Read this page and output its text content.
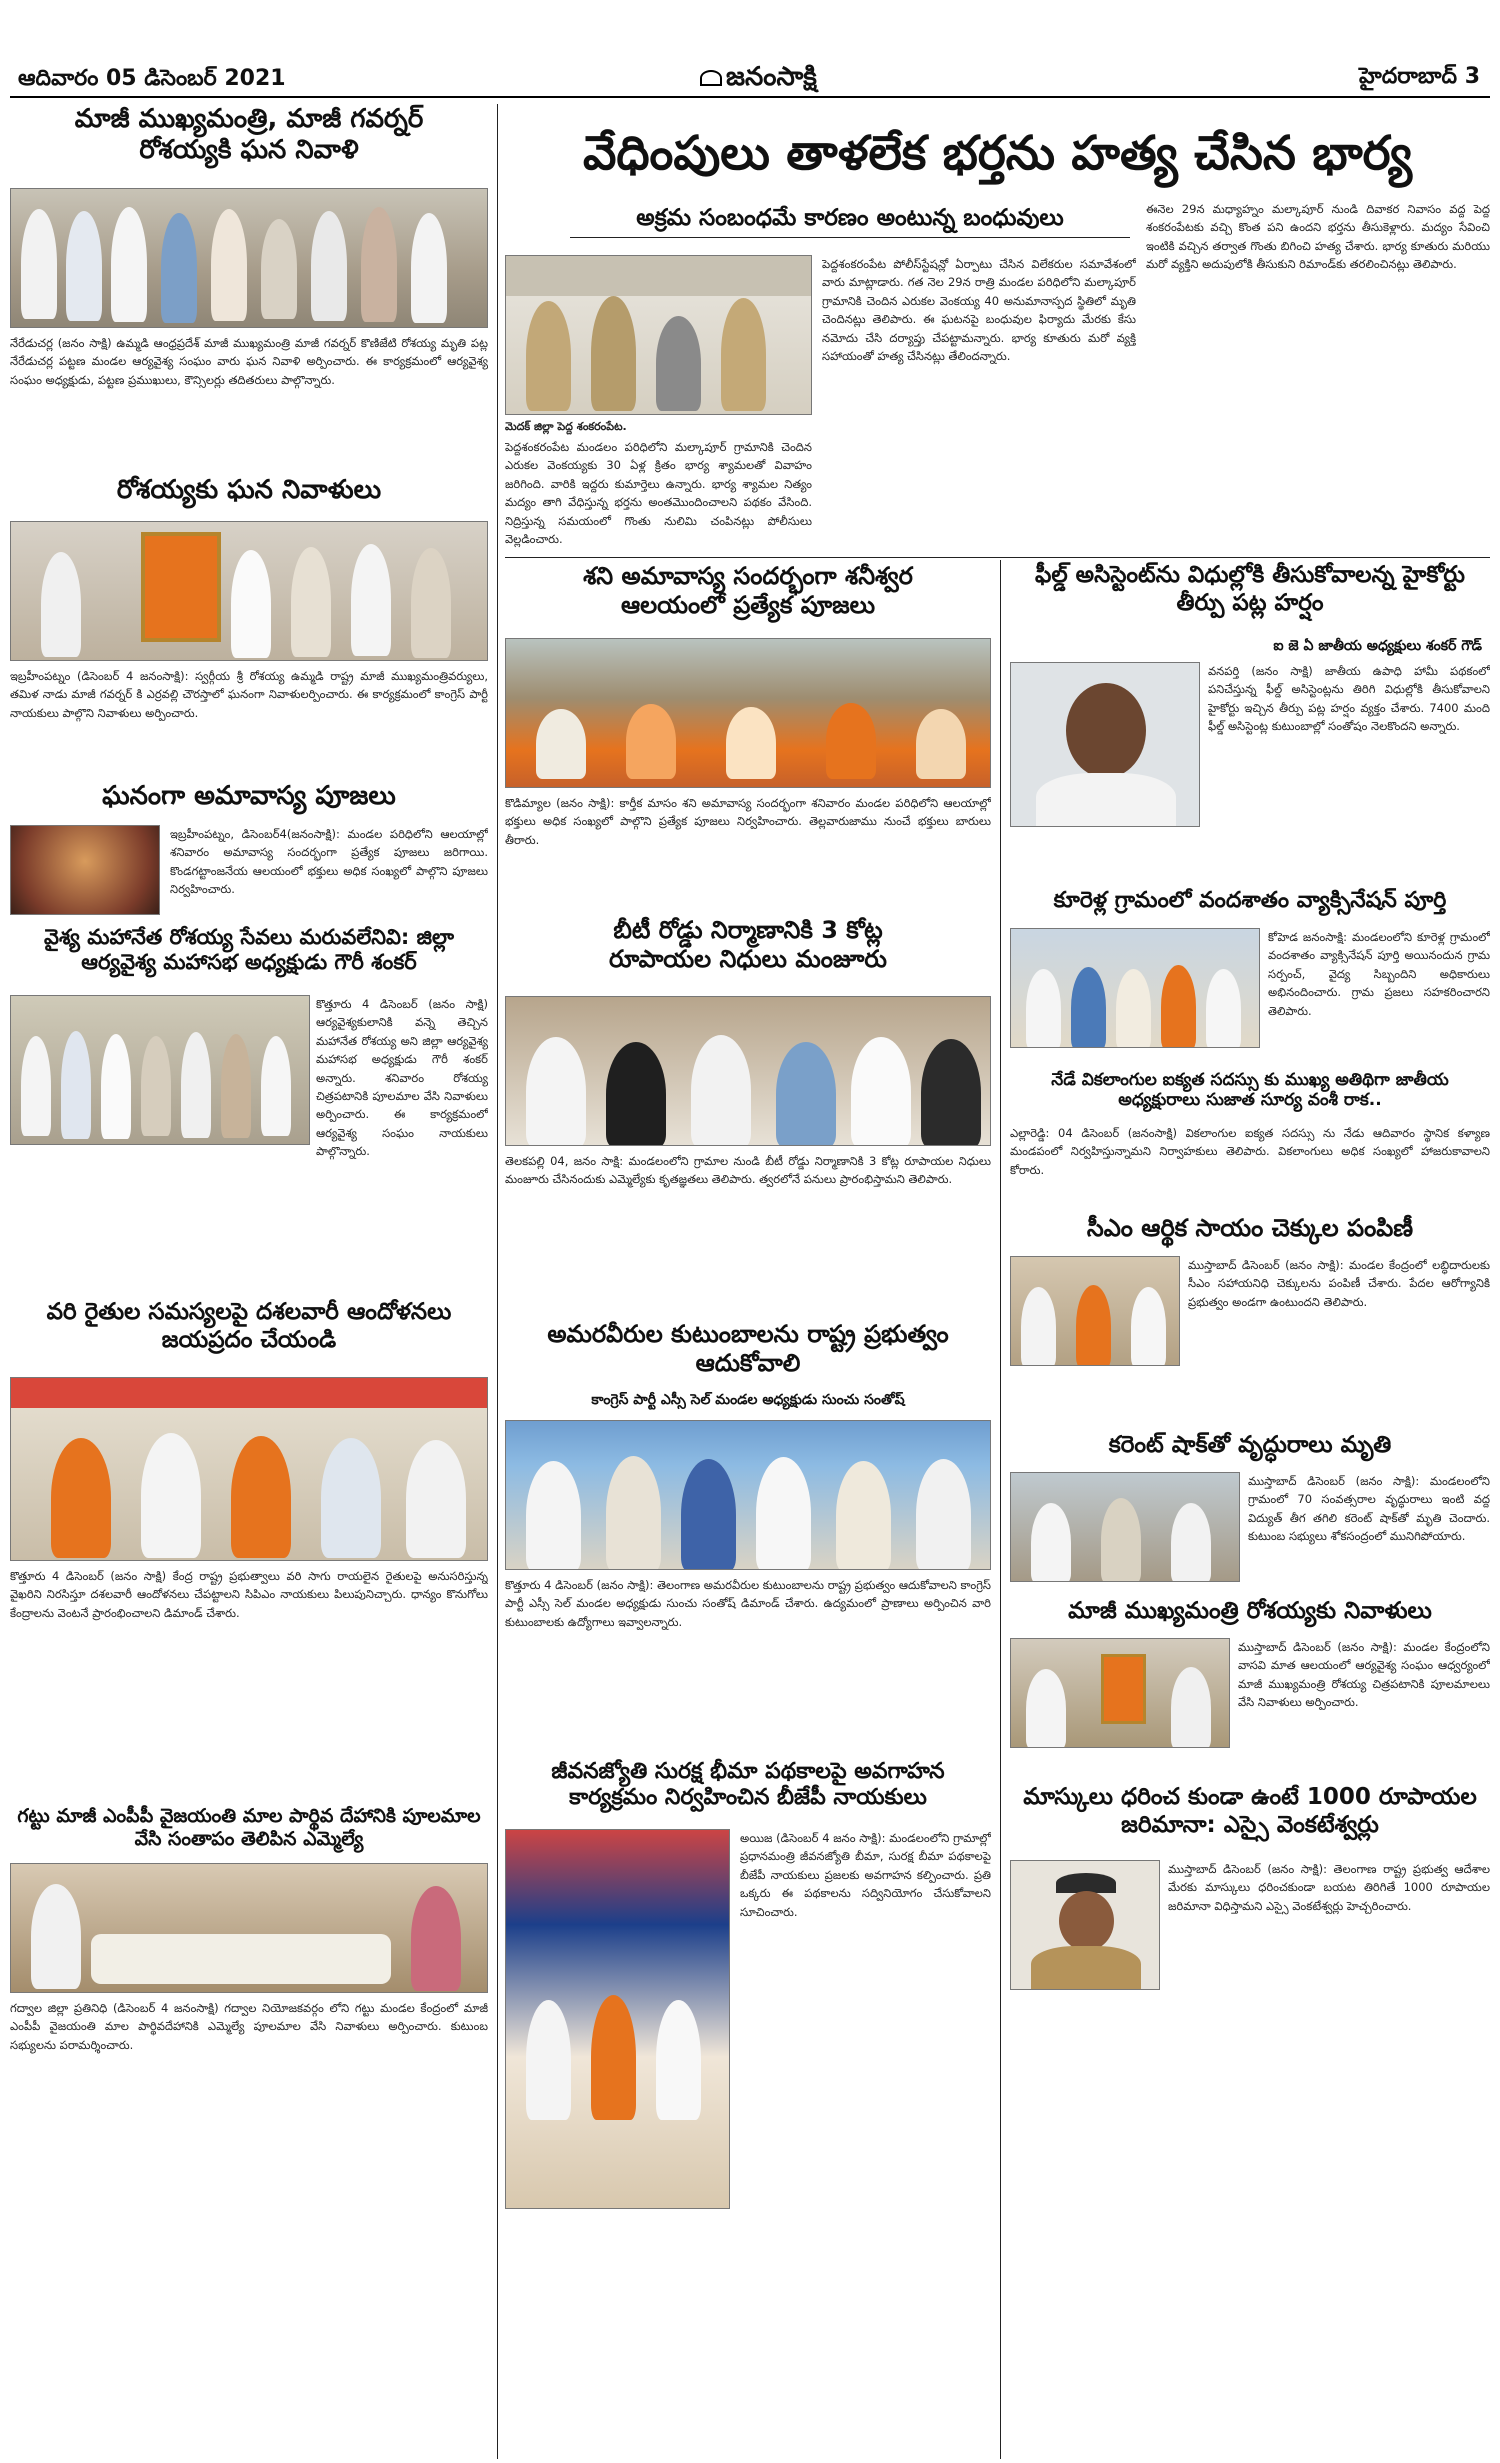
ఆదివారం 05 డిసెంబర్ 2021	జనంసాక్షి	హైదరాబాద్ 3
మాజీ ముఖ్యమంత్రి, మాజీ గవర్నర్ రోశయ్యకి ఘన నివాళి
నేరేడుచర్ల (జనం సాక్షి) ఉమ్మడి ఆంధ్రప్రదేశ్ మాజీ ముఖ్యమంత్రి మాజీ గవర్నర్ కొణిజేటి రోశయ్య మృతి పట్ల నేరేడుచర్ల పట్టణ మండల ఆర్యవైశ్య సంఘం వారు ఘన నివాళి అర్పించారు. ఈ కార్యక్రమంలో ఆర్యవైశ్య సంఘం అధ్యక్షుడు, పట్టణ ప్రముఖులు, కౌన్సిలర్లు తదితరులు పాల్గొన్నారు.
రోశయ్యకు ఘన నివాళులు
ఇబ్రహీంపట్నం (డిసెంబర్ 4 జనంసాక్షి): స్వర్గీయ శ్రీ రోశయ్య ఉమ్మడి రాష్ట్ర మాజీ ముఖ్యమంత్రివర్యులు, తమిళ నాడు మాజీ గవర్నర్ కి ఎర్రవల్లి చౌరస్తాలో ఘనంగా నివాళులర్పించారు. ఈ కార్యక్రమంలో కాంగ్రెస్ పార్టీ నాయకులు పాల్గొని నివాళులు అర్పించారు.
ఘనంగా అమావాస్య పూజలు
ఇబ్రహీంపట్నం, డిసెంబర్4(జనంసాక్షి): మండల పరిధిలోని ఆలయాల్లో శనివారం అమావాస్య సందర్భంగా ప్రత్యేక పూజలు జరిగాయి. కొండగట్టాంజనేయ ఆలయంలో భక్తులు అధిక సంఖ్యలో పాల్గొని పూజలు నిర్వహించారు.
వైశ్య మహానేత రోశయ్య సేవలు మరువలేనివి: జిల్లా ఆర్యవైశ్య మహాసభ అధ్యక్షుడు గౌరీ శంకర్
కొత్తూరు 4 డిసెంబర్ (జనం సాక్షి) ఆర్యవైశ్యకులానికి వన్నె తెచ్చిన మహానేత రోశయ్య అని జిల్లా ఆర్యవైశ్య మహాసభ అధ్యక్షుడు గౌరీ శంకర్ అన్నారు. శనివారం రోశయ్య చిత్రపటానికి పూలమాల వేసి నివాళులు అర్పించారు. ఈ కార్యక్రమంలో ఆర్యవైశ్య సంఘం నాయకులు పాల్గొన్నారు.
వరి రైతుల సమస్యలపై దశలవారీ ఆందోళనలు జయప్రదం చేయండి
కొత్తూరు 4 డిసెంబర్ (జనం సాక్షి) కేంద్ర రాష్ట్ర ప్రభుత్వాలు వరి సాగు రాయలైన రైతులపై అనుసరిస్తున్న వైఖరిని నిరసిస్తూ దశలవారీ ఆందోళనలు చేపట్టాలని సిపిఎం నాయకులు పిలుపునిచ్చారు. ధాన్యం కొనుగోలు కేంద్రాలను వెంటనే ప్రారంభించాలని డిమాండ్ చేశారు.
గట్టు మాజీ ఎంపీపీ వైజయంతి మాల పార్థివ దేహానికి పూలమాల వేసి సంతాపం తెలిపిన ఎమ్మెల్యే
గద్వాల జిల్లా ప్రతినిధి (డిసెంబర్ 4 జనంసాక్షి) గద్వాల నియోజకవర్గం లోని గట్టు మండల కేంద్రంలో మాజీ ఎంపీపీ వైజయంతి మాల పార్థివదేహానికి ఎమ్మెల్యే పూలమాల వేసి నివాళులు అర్పించారు. కుటుంబ సభ్యులను పరామర్శించారు.
వేధింపులు తాళలేక భర్తను హత్య చేసిన భార్య
అక్రమ సంబంధమే కారణం అంటున్న బంధువులు
మెదక్ జిల్లా పెద్ద శంకరంపేట.
పెద్దశంకరంపేట మండలం పరిధిలోని మల్కాపూర్ గ్రామానికి చెందిన ఎరుకల వెంకయ్యకు 30 ఏళ్ల క్రితం భార్య శ్యామలతో వివాహం జరిగింది. వారికి ఇద్దరు కుమార్తెలు ఉన్నారు. భార్య శ్యామల నిత్యం మద్యం తాగి వేధిస్తున్న భర్తను అంతమొందించాలని పథకం వేసింది. నిద్రిస్తున్న సమయంలో గొంతు నులిమి చంపినట్లు పోలీసులు వెల్లడించారు.
పెద్దశంకరంపేట పోలీస్‌స్టేషన్లో ఏర్పాటు చేసిన విలేకరుల సమావేశంలో వారు మాట్లాడారు. గత నెల 29న రాత్రి మండల పరిధిలోని మల్కాపూర్ గ్రామానికి చెందిన ఎరుకల వెంకయ్య 40 అనుమానాస్పద స్థితిలో మృతి చెందినట్లు తెలిపారు. ఈ ఘటనపై బంధువుల ఫిర్యాదు మేరకు కేసు నమోదు చేసి దర్యాప్తు చేపట్టామన్నారు. భార్య కూతురు మరో వ్యక్తి సహాయంతో హత్య చేసినట్లు తేలిందన్నారు.
ఈనెల 29న మధ్యాహ్నం మల్కాపూర్ నుండి దివాకర నివాసం వద్ద పెద్ద శంకరంపేటకు వచ్చి కొంత పని ఉందని భర్తను తీసుకెళ్లారు. మద్యం సేవించి ఇంటికి వచ్చిన తర్వాత గొంతు బిగించి హత్య చేశారు. భార్య కూతురు మరియు మరో వ్యక్తిని అదుపులోకి తీసుకుని రిమాండ్‌కు తరలించినట్లు తెలిపారు.
శని అమావాస్య సందర్భంగా శనీశ్వర ఆలయంలో ప్రత్యేక పూజలు
కొడిమ్యాల (జనం సాక్షి): కార్తీక మాసం శని అమావాస్య సందర్భంగా శనివారం మండల పరిధిలోని ఆలయాల్లో భక్తులు అధిక సంఖ్యలో పాల్గొని ప్రత్యేక పూజలు నిర్వహించారు. తెల్లవారుజాము నుంచే భక్తులు బారులు తీరారు.
బీటీ రోడ్డు నిర్మాణానికి 3 కోట్ల రూపాయల నిధులు మంజూరు
తెలకపల్లి 04, జనం సాక్షి: మండలంలోని గ్రామాల నుండి బీటీ రోడ్డు నిర్మాణానికి 3 కోట్ల రూపాయల నిధులు మంజూరు చేసినందుకు ఎమ్మెల్యేకు కృతజ్ఞతలు తెలిపారు. త్వరలోనే పనులు ప్రారంభిస్తామని తెలిపారు.
అమరవీరుల కుటుంబాలను రాష్ట్ర ప్రభుత్వం ఆదుకోవాలి
కాంగ్రెస్ పార్టీ ఎస్సీ సెల్ మండల అధ్యక్షుడు సుంచు సంతోష్
కొత్తూరు 4 డిసెంబర్ (జనం సాక్షి): తెలంగాణ అమరవీరుల కుటుంబాలను రాష్ట్ర ప్రభుత్వం ఆదుకోవాలని కాంగ్రెస్ పార్టీ ఎస్సీ సెల్ మండల అధ్యక్షుడు సుంచు సంతోష్ డిమాండ్ చేశారు. ఉద్యమంలో ప్రాణాలు అర్పించిన వారి కుటుంబాలకు ఉద్యోగాలు ఇవ్వాలన్నారు.
జీవనజ్యోతి సురక్ష భీమా పథకాలపై అవగాహన కార్యక్రమం నిర్వహించిన బీజేపీ నాయకులు
అయిజ (డిసెంబర్ 4 జనం సాక్షి): మండలంలోని గ్రామాల్లో ప్రధానమంత్రి జీవనజ్యోతి బీమా, సురక్ష బీమా పథకాలపై బీజేపీ నాయకులు ప్రజలకు అవగాహన కల్పించారు. ప్రతి ఒక్కరు ఈ పథకాలను సద్వినియోగం చేసుకోవాలని సూచించారు.
ఫీల్డ్ అసిస్టెంట్‌ను విధుల్లోకి తీసుకోవాలన్న హైకోర్టు తీర్పు పట్ల హర్షం
ఐ జె ఏ జాతీయ అధ్యక్షులు శంకర్ గౌడ్
వనపర్తి (జనం సాక్షి) జాతీయ ఉపాధి హామీ పథకంలో పనిచేస్తున్న ఫీల్డ్ అసిస్టెంట్లను తిరిగి విధుల్లోకి తీసుకోవాలని హైకోర్టు ఇచ్చిన తీర్పు పట్ల హర్షం వ్యక్తం చేశారు. 7400 మంది ఫీల్డ్ అసిస్టెంట్ల కుటుంబాల్లో సంతోషం నెలకొందని అన్నారు.
కూరెళ్ల గ్రామంలో వందశాతం వ్యాక్సినేషన్ పూర్తి
కోహెడ జనంసాక్షి: మండలంలోని కూరెళ్ల గ్రామంలో వందశాతం వ్యాక్సినేషన్ పూర్తి అయినందున గ్రామ సర్పంచ్, వైద్య సిబ్బందిని అధికారులు అభినందించారు. గ్రామ ప్రజలు సహకరించారని తెలిపారు.
నేడే వికలాంగుల ఐక్యత సదస్సు కు ముఖ్య అతిథిగా జాతీయ అధ్యక్షురాలు సుజాత సూర్య వంశీ రాక..
ఎల్లారెడ్డి: 04 డిసెంబర్ (జనంసాక్షి) వికలాంగుల ఐక్యత సదస్సు ను నేడు ఆదివారం స్థానిక కళ్యాణ మండపంలో నిర్వహిస్తున్నామని నిర్వాహకులు తెలిపారు. వికలాంగులు అధిక సంఖ్యలో హాజరుకావాలని కోరారు.
సీఎం ఆర్థిక సాయం చెక్కుల పంపిణీ
ముస్తాబాద్ డిసెంబర్ (జనం సాక్షి): మండల కేంద్రంలో లబ్ధిదారులకు సీఎం సహాయనిధి చెక్కులను పంపిణీ చేశారు. పేదల ఆరోగ్యానికి ప్రభుత్వం అండగా ఉంటుందని తెలిపారు.
కరెంట్ షాక్‌తో వృద్ధురాలు మృతి
ముస్తాబాద్ డిసెంబర్ (జనం సాక్షి): మండలంలోని గ్రామంలో 70 సంవత్సరాల వృద్ధురాలు ఇంటి వద్ద విద్యుత్ తీగ తగిలి కరెంట్ షాక్‌తో మృతి చెందారు. కుటుంబ సభ్యులు శోకసంద్రంలో మునిగిపోయారు.
మాజీ ముఖ్యమంత్రి రోశయ్యకు నివాళులు
ముస్తాబాద్ డిసెంబర్ (జనం సాక్షి): మండల కేంద్రంలోని వాసవి మాత ఆలయంలో ఆర్యవైశ్య సంఘం ఆధ్వర్యంలో మాజీ ముఖ్యమంత్రి రోశయ్య చిత్రపటానికి పూలమాలలు వేసి నివాళులు అర్పించారు.
మాస్కులు ధరించ కుండా ఉంటే 1000 రూపాయల జరిమానా: ఎస్సై వెంకటేశ్వర్లు
ముస్తాబాద్ డిసెంబర్ (జనం సాక్షి): తెలంగాణ రాష్ట్ర ప్రభుత్వ ఆదేశాల మేరకు మాస్కులు ధరించకుండా బయట తిరిగితే 1000 రూపాయల జరిమానా విధిస్తామని ఎస్సై వెంకటేశ్వర్లు హెచ్చరించారు.
